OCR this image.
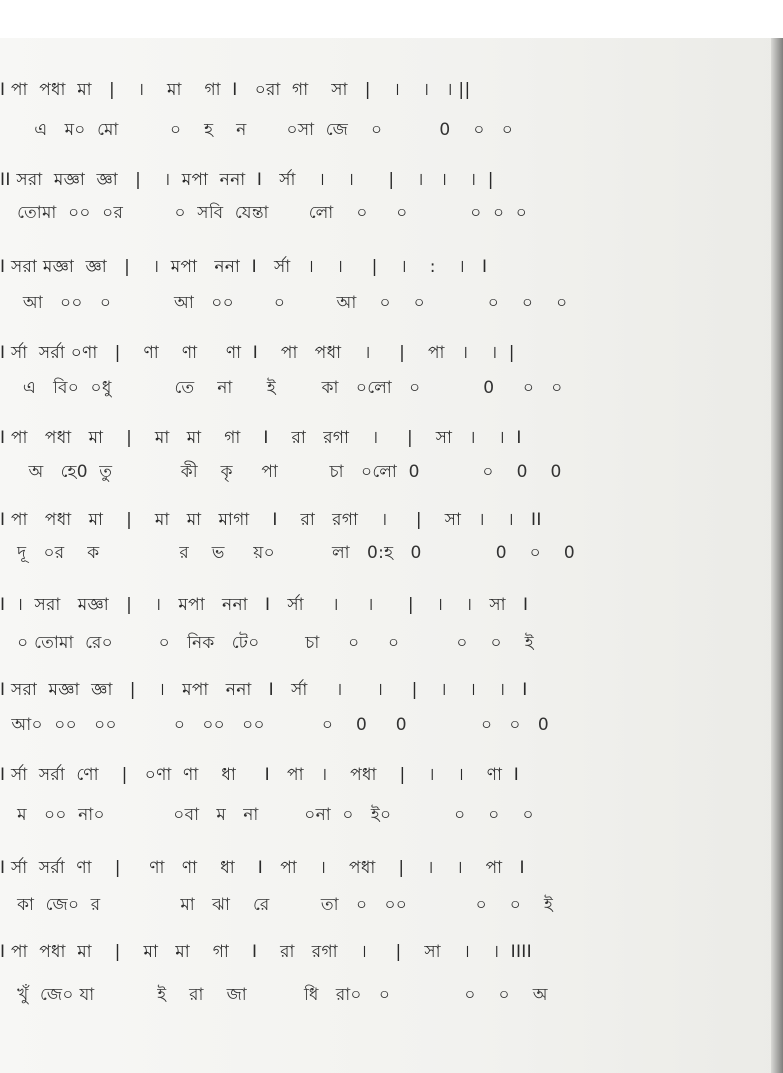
I পা  পধা  মা   |    ।    মা    গা  I   ০রা  গা    সা   |    ।    ।   । ||
এ   ম০  মো         ০    হ    ন       ০সা  জে    ০          0    ০   ০
II সরা  মজ্ঞা  জ্ঞা   |    ।  মপা  ননা  I   র্সা    ।    ।      |    ।   ।    ।  |
তোমা  ০০  ০র         ০  সবি  যেন্তা       লো    ০     ০           ০  ০  ০
I সরা মজ্ঞা  জ্ঞা   |    ।  মপা   ননা  I   র্সা   ।    ।     |    ।    :    ।   I
আ   ০০   ০           আ   ০০       ০         আ    ০    ০           ০    ০    ০
I র্সা  সর্রা ০ণা   |    ণা    ণা     ণা  I    পা   পধা    ।     |    পা   ।    ।  |
এ   বি০  ০ধু           তে    না      ই        কা   ০লো   ০           0     ০   ০
I পা   পধা   মা    |    মা   মা    গা    I    রা   রগা    ।     |    সা   ।    ।  I
অ   হে0  তু            কী    কৃ     পা         চা   ০লো  0           ০    0    0
I পা   পধা   মা    |    মা   মা   মাগা    I    রা   রগা    ।     |    সা   ।    ।   II
দূ   ০র    ক              র    ভ     য়০          লা   0:হ   0             0    ০    0
I  ।  সরা   মজ্ঞা   |    ।   মপা   ননা   I   র্সা     ।     ।      |    ।    ।   সা   I
০ তোমা  রে০        ০   নিক   টে০        চা     ০     ০          ০    ০    ই
I সরা  মজ্ঞা  জ্ঞা   |    ।   মপা   ননা   I   র্সা     ।      ।     |    ।    ।    ।   I
আ০  ০০   ০০          ০   ০০   ০০          ০    0     0             ০   ০   0
I র্সা  সর্রা  ণো    |   ০ণা  ণা    ধা     I   পা   ।    পধা    |    ।    ।    ণা  I
ম   ০০  না০            ০বা   ম   না        ০না  ০   ই০           ০    ০    ০
I র্সা  সর্রা  ণা    |     ণা   ণা    ধা    I   পা    ।    পধা    |    ।    ।    পা   I
কা  জে০  র              মা   ঝা    রে         তা   ০   ০০            ০    ০    ই
I পা  পধা  মা    |    মা   মা    গা    I    রা   রগা    ।     |    সা    ।    ।  IIII
খুঁ  জে০ যা           ই    রা    জা          ধি   রা০   ০             ০    ০    অ
